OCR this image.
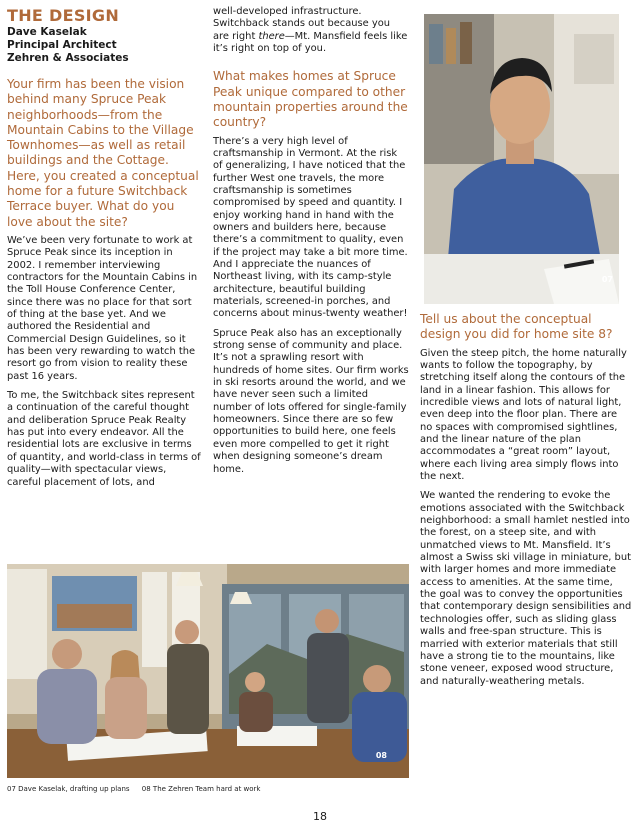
THE DESIGN
Dave Kaselak
Principal Architect
Zehren & Associates

Your firm has been the vision behind many Spruce Peak neighborhoods—from the Mountain Cabins to the Village Townhomes—as well as retail buildings and the Cottage. Here, you created a conceptual home for a future Switchback Terrace buyer. What do you love about the site?

We’ve been very fortunate to work at Spruce Peak since its inception in 2002. I remember interviewing contractors for the Mountain Cabins in the Toll House Conference Center, since there was no place for that sort of thing at the base yet. And we authored the Residential and Commercial Design Guidelines, so it has been very rewarding to watch the resort go from vision to reality these past 16 years.

To me, the Switchback sites represent a continuation of the careful thought and deliberation Spruce Peak Realty has put into every endeavor. All the residential lots are exclusive in terms of quantity, and world-class in terms of quality—with spectacular views, careful placement of lots, and

well-developed infrastructure. Switchback stands out because you are right there—Mt. Mansfield feels like it’s right on top of you.

What makes homes at Spruce Peak unique compared to other mountain properties around the country?

There’s a very high level of craftsmanship in Vermont. At the risk of generalizing, I have noticed that the further West one travels, the more craftsmanship is sometimes compromised by speed and quantity. I enjoy working hand in hand with the owners and builders here, because there’s a commitment to quality, even if the project may take a bit more time. And I appreciate the nuances of Northeast living, with its camp-style architecture, beautiful building materials, screened-in porches, and concerns about minus-twenty weather!

Spruce Peak also has an exceptionally strong sense of community and place. It’s not a sprawling resort with hundreds of home sites. Our firm works in ski resorts around the world, and we have never seen such a limited number of lots offered for single-family homeowners. Since there are so few opportunities to build here, one feels even more compelled to get it right when designing someone’s dream home.

Tell us about the conceptual design you did for home site 8?

Given the steep pitch, the home naturally wants to follow the topography, by stretching itself along the contours of the land in a linear fashion. This allows for incredible views and lots of natural light, even deep into the floor plan. There are no spaces with compromised sightlines, and the linear nature of the plan accommodates a “great room” layout, where each living area simply flows into the next.

We wanted the rendering to evoke the emotions associated with the Switchback neighborhood: a small hamlet nestled into the forest, on a steep site, and with unmatched views to Mt. Mansfield. It’s almost a Swiss ski village in miniature, but with larger homes and more immediate access to amenities. At the same time, the goal was to convey the opportunities that contemporary design sensibilities and technologies offer, such as sliding glass walls and free-span structure. This is married with exterior materials that still have a strong tie to the mountains, like stone veneer, exposed wood structure, and naturally-weathering metals.

07
08
07 Dave Kaselak, drafting up plans 08 The Zehren Team hard at work
18
